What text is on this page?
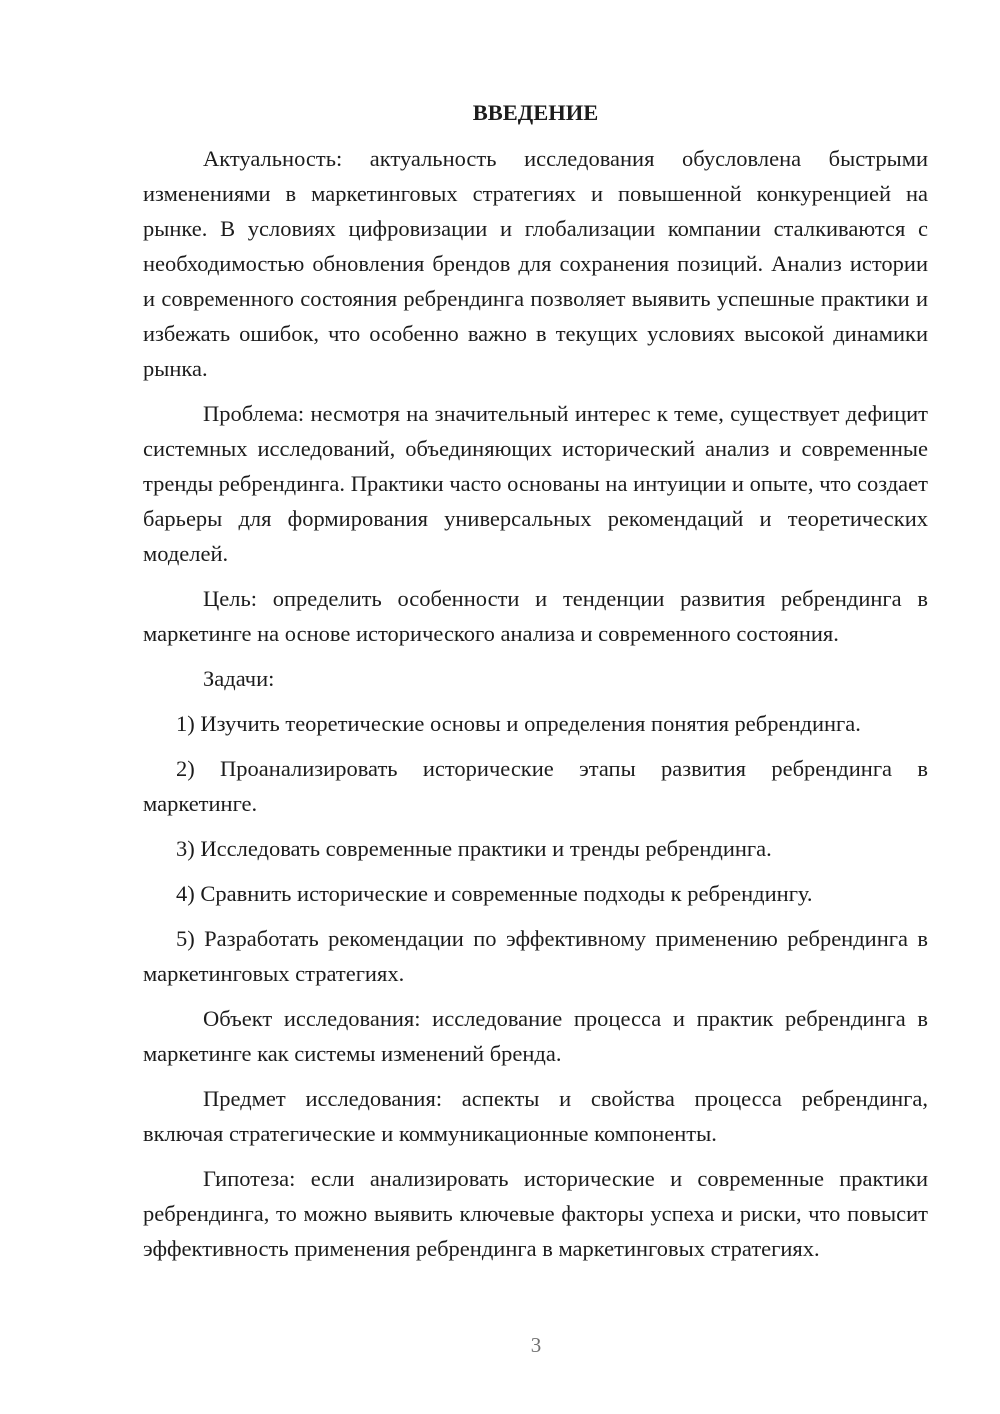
ВВЕДЕНИЕ

Актуальность: актуальность исследования обусловлена быстрыми изменениями в маркетинговых стратегиях и повышенной конкуренцией на рынке. В условиях цифровизации и глобализации компании сталкиваются с необходимостью обновления брендов для сохранения позиций. Анализ истории и современного состояния ребрендинга позволяет выявить успешные практики и избежать ошибок, что особенно важно в текущих условиях высокой динамики рынка.

Проблема: несмотря на значительный интерес к теме, существует дефицит системных исследований, объединяющих исторический анализ и современные тренды ребрендинга. Практики часто основаны на интуиции и опыте, что создает барьеры для формирования универсальных рекомендаций и теоретических моделей.

Цель: определить особенности и тенденции развития ребрендинга в маркетинге на основе исторического анализа и современного состояния.

Задачи:

1) Изучить теоретические основы и определения понятия ребрендинга.

2) Проанализировать исторические этапы развития ребрендинга в маркетинге.

3) Исследовать современные практики и тренды ребрендинга.

4) Сравнить исторические и современные подходы к ребрендингу.

5) Разработать рекомендации по эффективному применению ребрендинга в маркетинговых стратегиях.

Объект исследования: исследование процесса и практик ребрендинга в маркетинге как системы изменений бренда.

Предмет исследования: аспекты и свойства процесса ребрендинга, включая стратегические и коммуникационные компоненты.

Гипотеза: если анализировать исторические и современные практики ребрендинга, то можно выявить ключевые факторы успеха и риски, что повысит эффективность применения ребрендинга в маркетинговых стратегиях.

3
